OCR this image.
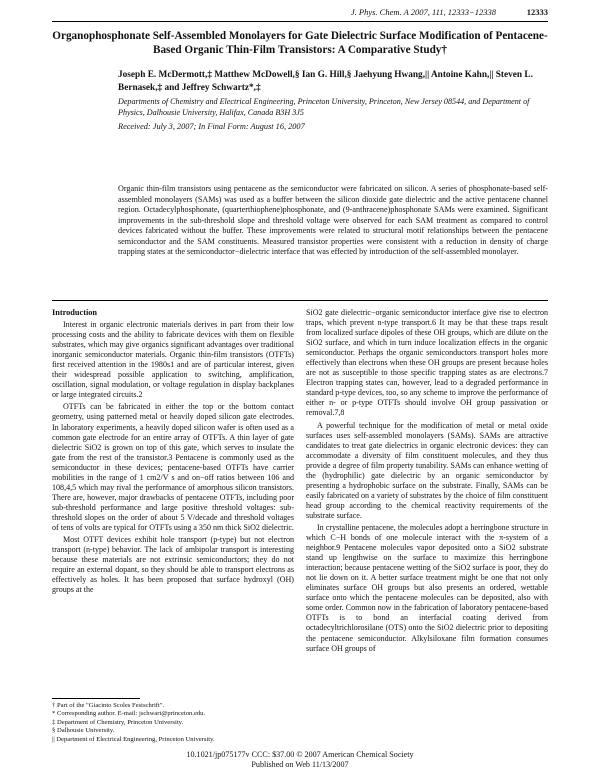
J. Phys. Chem. A 2007, 111, 12333−12338	12333
Organophosphonate Self-Assembled Monolayers for Gate Dielectric Surface Modification of Pentacene-Based Organic Thin-Film Transistors: A Comparative Study†
Joseph E. McDermott,‡ Matthew McDowell,§ Ian G. Hill,§ Jaehyung Hwang,|| Antoine Kahn,|| Steven L. Bernasek,‡ and Jeffrey Schwartz*,‡
Departments of Chemistry and Electrical Engineering, Princeton University, Princeton, New Jersey 08544, and Department of Physics, Dalhousie University, Halifax, Canada B3H 3J5
Received: July 3, 2007; In Final Form: August 16, 2007
Organic thin-film transistors using pentacene as the semiconductor were fabricated on silicon. A series of phosphonate-based self-assembled monolayers (SAMs) was used as a buffer between the silicon dioxide gate dielectric and the active pentacene channel region. Octadecylphosphonate, (quarterthiophene)phosphonate, and (9-anthracene)phosphonate SAMs were examined. Significant improvements in the sub-threshold slope and threshold voltage were observed for each SAM treatment as compared to control devices fabricated without the buffer. These improvements were related to structural motif relationships between the pentacene semiconductor and the SAM constituents. Measured transistor properties were consistent with a reduction in density of charge trapping states at the semiconductor−dielectric interface that was effected by introduction of the self-assembled monolayer.

Introduction

Interest in organic electronic materials derives in part from their low processing costs and the ability to fabricate devices with them on flexible substrates, which may give organics significant advantages over traditional inorganic semiconductor materials. Organic thin-film transistors (OTFTs) first received attention in the 1980s1 and are of particular interest, given their widespread possible application to switching, amplification, oscillation, signal modulation, or voltage regulation in display backplanes or large integrated circuits.2

OTFTs can be fabricated in either the top or the bottom contact geometry, using patterned metal or heavily doped silicon gate electrodes. In laboratory experiments, a heavily doped silicon wafer is often used as a common gate electrode for an entire array of OTFTs. A thin layer of gate dielectric SiO2 is grown on top of this gate, which serves to insulate the gate from the rest of the transistor.3 Pentacene is commonly used as the semiconductor in these devices; pentacene-based OTFTs have carrier mobilities in the range of 1 cm2/V s and on−off ratios between 106 and 108,4,5 which may rival the performance of amorphous silicon transistors. There are, however, major drawbacks of pentacene OTFTs, including poor sub-threshold performance and large positive threshold voltages: sub-threshold slopes on the order of about 5 V/decade and threshold voltages of tens of volts are typical for OTFTs using a 350 nm thick SiO2 dielectric.

Most OTFT devices exhibit hole transport (p-type) but not electron transport (n-type) behavior. The lack of ambipolar transport is interesting because these materials are not extrinsic semiconductors; they do not require an external dopant, so they should be able to transport electrons as effectively as holes. It has been proposed that surface hydroxyl (OH) groups at the

SiO2 gate dielectric−organic semiconductor interface give rise to electron traps, which prevent n-type transport.6 It may be that these traps result from localized surface dipoles of these OH groups, which are dilute on the SiO2 surface, and which in turn induce localization effects in the organic semiconductor. Perhaps the organic semiconductors transport holes more effectively than electrons when these OH groups are present because holes are not as susceptible to those specific trapping states as are electrons.7 Electron trapping states can, however, lead to a degraded performance in standard p-type devices, too, so any scheme to improve the performance of either n- or p-type OTFTs should involve OH group passivation or removal.7,8

A powerful technique for the modification of metal or metal oxide surfaces uses self-assembled monolayers (SAMs). SAMs are attractive candidates to treat gate dielectrics in organic electronic devices: they can accommodate a diversity of film constituent molecules, and they thus provide a degree of film property tunability. SAMs can enhance wetting of the (hydrophilic) gate dielectric by an organic semiconductor by presenting a hydrophobic surface on the substrate. Finally, SAMs can be easily fabricated on a variety of substrates by the choice of film constituent head group according to the chemical reactivity requirements of the substrate surface.

In crystalline pentacene, the molecules adopt a herringbone structure in which C−H bonds of one molecule interact with the π-system of a neighbor.9 Pentacene molecules vapor deposited onto a SiO2 substrate stand up lengthwise on the surface to maximize this herringbone interaction; because pentacene wetting of the SiO2 surface is poor, they do not lie down on it. A better surface treatment might be one that not only eliminates surface OH groups but also presents an ordered, wettable surface onto which the pentacene molecules can be deposited, also with some order. Common now in the fabrication of laboratory pentacene-based OTFTs is to bond an interfacial coating derived from octadecyltrichlorosilane (OTS) onto the SiO2 dielectric prior to depositing the pentacene semiconductor. Alkylsiloxane film formation consumes surface OH groups of

† Part of the "Giacinto Scoles Festschrift".
* Corresponding author. E-mail: jschwart@princeton.edu.
‡ Department of Chemistry, Princeton University.
§ Dalhousie University.
|| Department of Electrical Engineering, Princeton University.
10.1021/jp075177v CCC: $37.00 © 2007 American Chemical Society
Published on Web 11/13/2007
